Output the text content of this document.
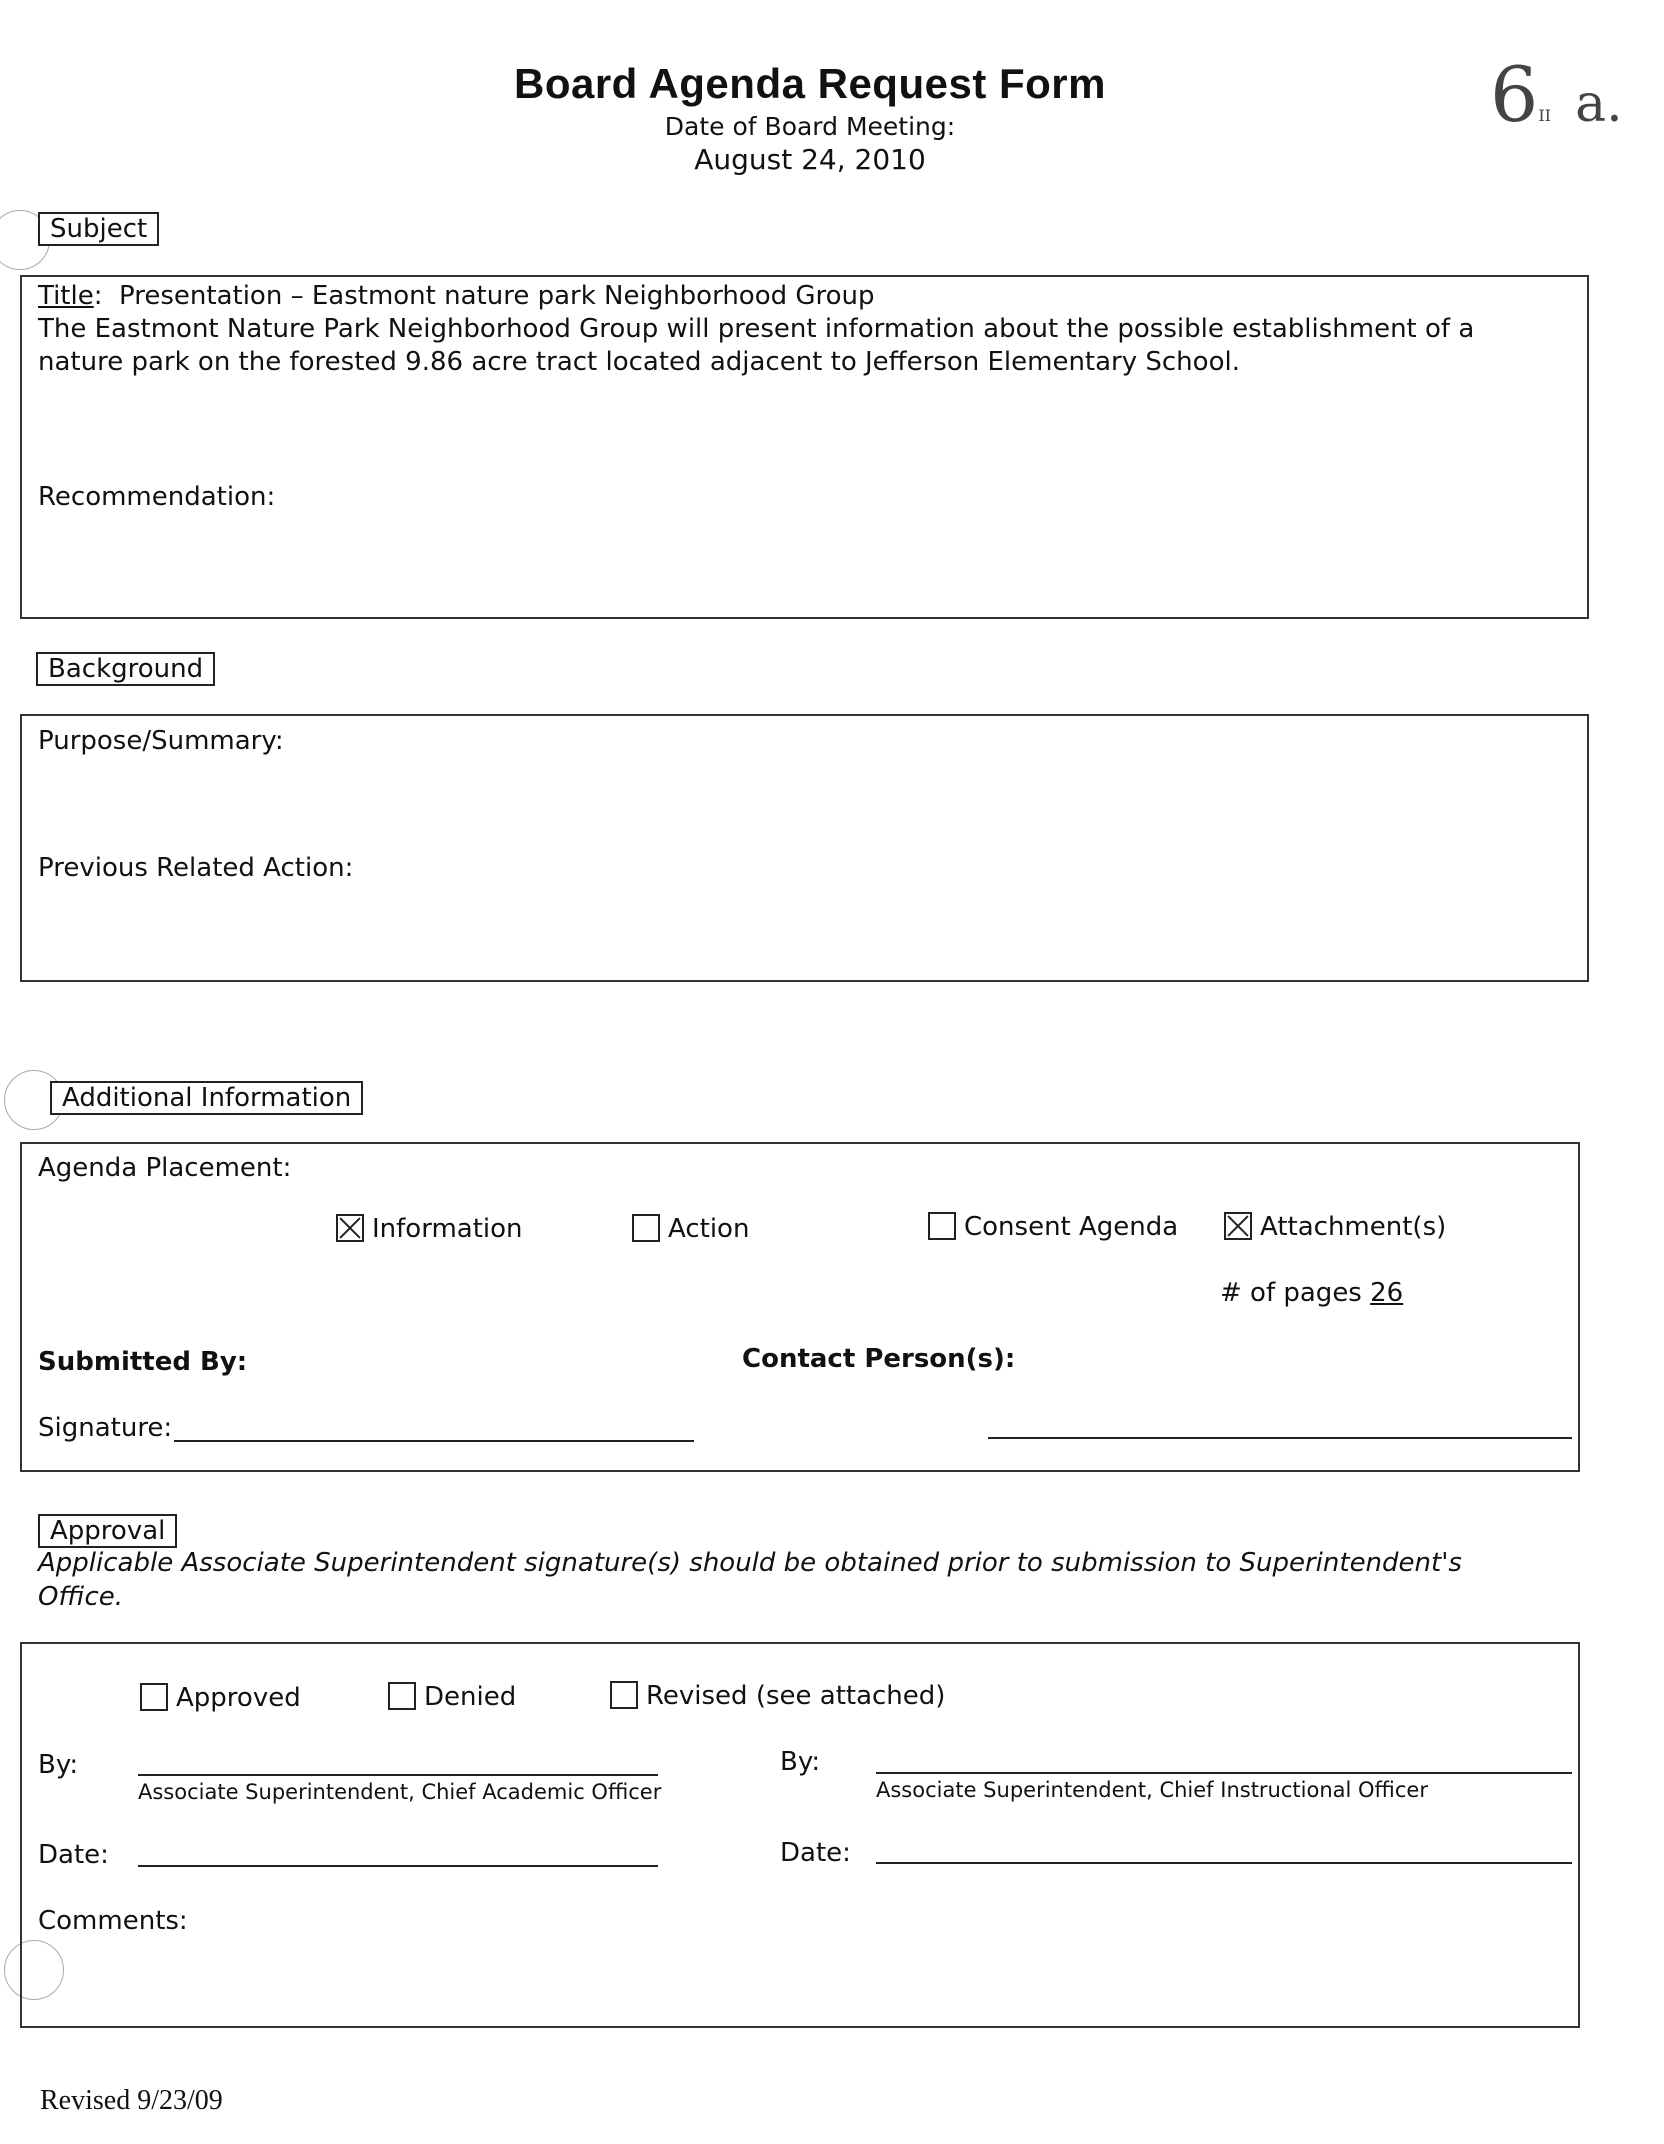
Board Agenda Request Form
Date of Board Meeting:
August 24, 2010
6II a.
Subject
Title:  Presentation – Eastmont nature park Neighborhood Group
The Eastmont Nature Park Neighborhood Group will present information about the possible establishment of a nature park on the forested 9.86 acre tract located adjacent to Jefferson Elementary School.
Recommendation:
Background
Purpose/Summary:
Previous Related Action:
Additional Information
Agenda Placement:
Information	Action	Consent Agenda	Attachment(s)
# of pages 26
Submitted By:	Contact Person(s):
Signature:
Approval
Applicable Associate Superintendent signature(s) should be obtained prior to submission to Superintendent's
Office.
Approved	Denied	Revised (see attached)
By:
Associate Superintendent, Chief Academic Officer
By:
Associate Superintendent, Chief Instructional Officer
Date:	Date:
Comments:
Revised 9/23/09
